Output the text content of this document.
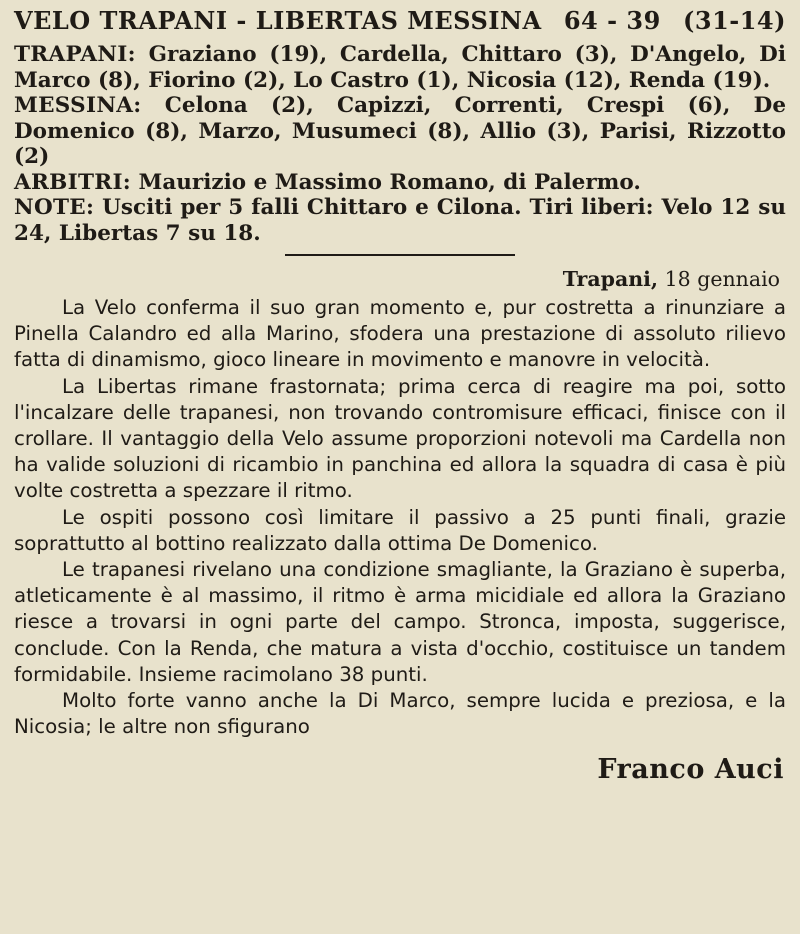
VELO TRAPANI - LIBERTAS MESSINA 64 - 39 (31-14)
TRAPANI: Graziano (19), Cardella, Chittaro (3), D'Angelo, Di Marco (8), Fiorino (2), Lo Castro (1), Nicosia (12), Renda (19).
MESSINA: Celona (2), Capizzi, Correnti, Crespi (6), De Domenico (8), Marzo, Musumeci (8), Allio (3), Parisi, Rizzotto (2)
ARBITRI: Maurizio e Massimo Romano, di Palermo.
NOTE: Usciti per 5 falli Chittaro e Cilona. Tiri liberi: Velo 12 su 24, Libertas 7 su 18.
Trapani, 18 gennaio

La Velo conferma il suo gran momento e, pur costretta a rinunziare a Pinella Calandro ed alla Marino, sfodera una prestazione di assoluto rilievo fatta di dinamismo, gioco lineare in movimento e manovre in velocità.

La Libertas rimane frastornata; prima cerca di reagire ma poi, sotto l'incalzare delle trapanesi, non trovando contromisure efficaci, finisce con il crollare. Il vantaggio della Velo assume proporzioni notevoli ma Cardella non ha valide soluzioni di ricambio in panchina ed allora la squadra di casa è più volte costretta a spezzare il ritmo.

Le ospiti possono così limitare il passivo a 25 punti finali, grazie soprattutto al bottino realizzato dalla ottima De Domenico.

Le trapanesi rivelano una condizione smagliante, la Graziano è superba, atleticamente è al massimo, il ritmo è arma micidiale ed allora la Graziano riesce a trovarsi in ogni parte del campo. Stronca, imposta, suggerisce, conclude. Con la Renda, che matura a vista d'occhio, costituisce un tandem formidabile. Insieme racimolano 38 punti.

Molto forte vanno anche la Di Marco, sempre lucida e preziosa, e la Nicosia; le altre non sfigurano

Franco Auci
